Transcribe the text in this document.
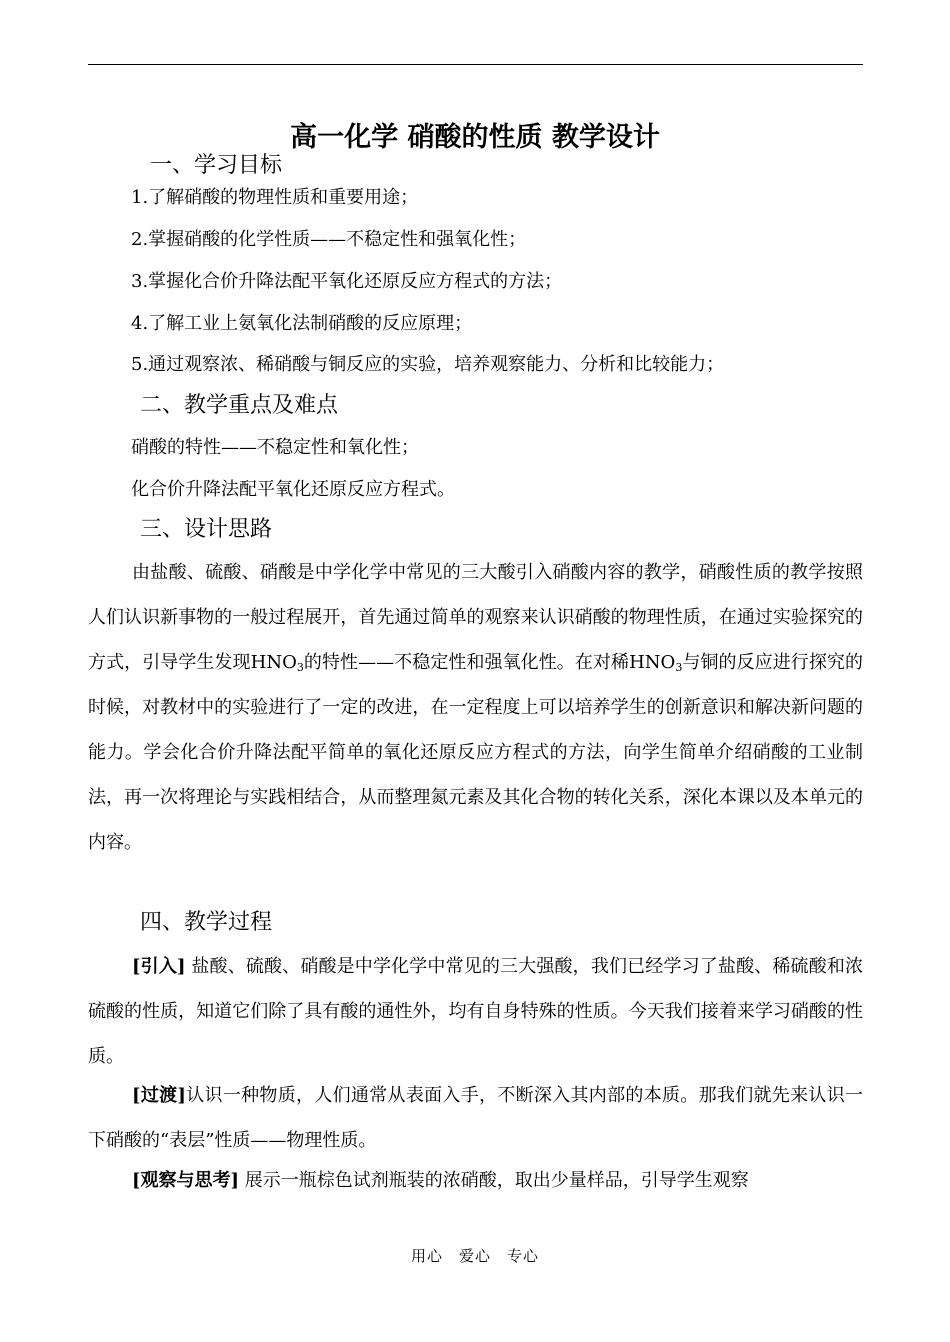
高一化学 硝酸的性质 教学设计
一、学习目标
1.了解硝酸的物理性质和重要用途；
2.掌握硝酸的化学性质——不稳定性和强氧化性；
3.掌握化合价升降法配平氧化还原反应方程式的方法；
4.了解工业上氨氧化法制硝酸的反应原理；
5.通过观察浓、稀硝酸与铜反应的实验，培养观察能力、分析和比较能力；
二、教学重点及难点
硝酸的特性——不稳定性和氧化性；
化合价升降法配平氧化还原反应方程式。
三、设计思路
由盐酸、硫酸、硝酸是中学化学中常见的三大酸引入硝酸内容的教学，硝酸性质的教学按照人们认识新事物的一般过程展开，首先通过简单的观察来认识硝酸的物理性质，在通过实验探究的方式，引导学生发现$HNO_3$的特性——不稳定性和强氧化性。在对稀$HNO_3$与铜的反应进行探究的时候，对教材中的实验进行了一定的改进，在一定程度上可以培养学生的创新意识和解决新问题的能力。学会化合价升降法配平简单的氧化还原反应方程式的方法，向学生简单介绍硝酸的工业制法，再一次将理论与实践相结合，从而整理氮元素及其化合物的转化关系，深化本课以及本单元的内容。
四、教学过程
[引入] 盐酸、硫酸、硝酸是中学化学中常见的三大强酸，我们已经学习了盐酸、稀硫酸和浓硫酸的性质，知道它们除了具有酸的通性外，均有自身特殊的性质。今天我们接着来学习硝酸的性质。
[过渡]认识一种物质，人们通常从表面入手，不断深入其内部的本质。那我们就先来认识一下硝酸的“表层”性质——物理性质。
[观察与思考] 展示一瓶棕色试剂瓶装的浓硝酸，取出少量样品，引导学生观察
用心　爱心　专心
